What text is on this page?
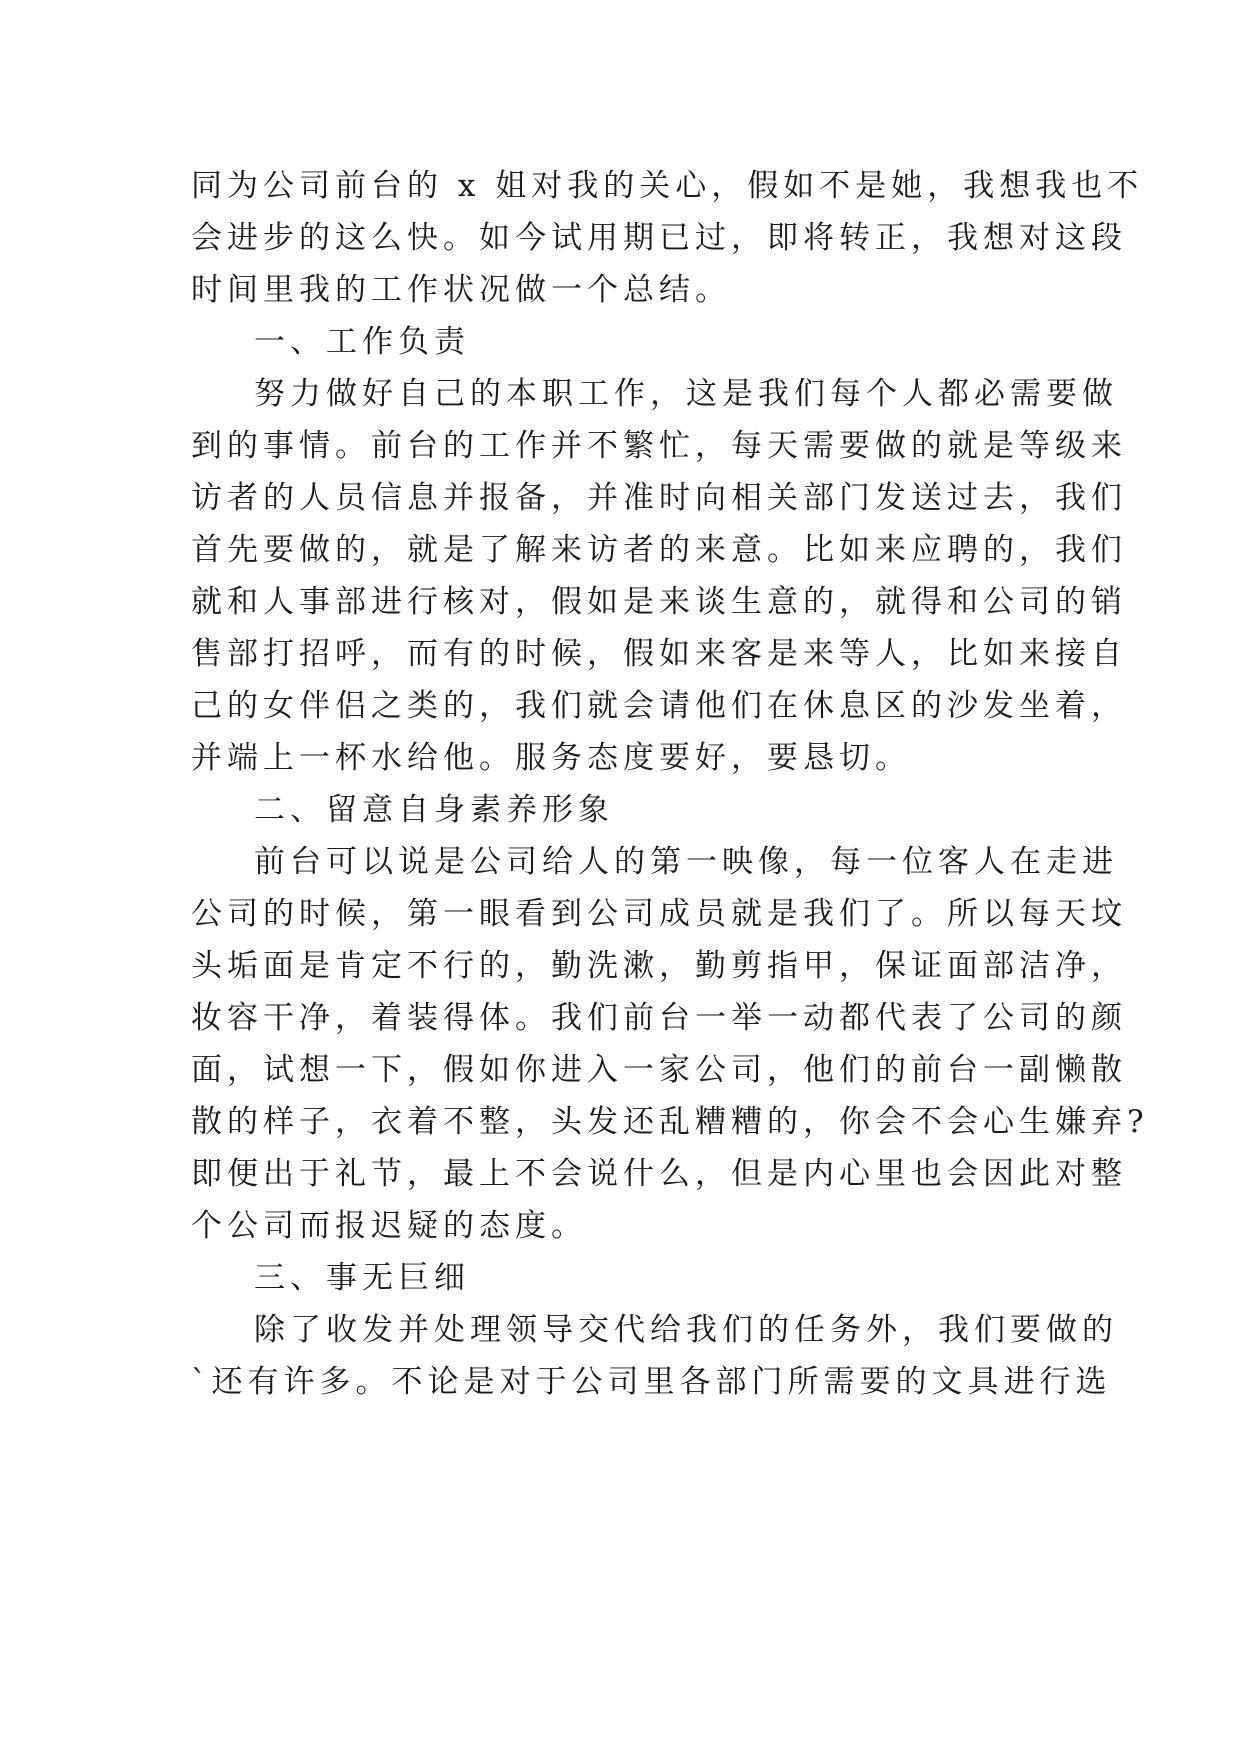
同为公司前台的 x 姐对我的关心，假如不是她，我想我也不
会进步的这么快。如今试用期已过，即将转正，我想对这段
时间里我的工作状况做一个总结。
一、工作负责
努力做好自己的本职工作，这是我们每个人都必需要做
到的事情。前台的工作并不繁忙，每天需要做的就是等级来
访者的人员信息并报备，并准时向相关部门发送过去，我们
首先要做的，就是了解来访者的来意。比如来应聘的，我们
就和人事部进行核对，假如是来谈生意的，就得和公司的销
售部打招呼，而有的时候，假如来客是来等人，比如来接自
己的女伴侣之类的，我们就会请他们在休息区的沙发坐着，
并端上一杯水给他。服务态度要好，要恳切。
二、留意自身素养形象
前台可以说是公司给人的第一映像，每一位客人在走进
公司的时候，第一眼看到公司成员就是我们了。所以每天坟
头垢面是肯定不行的，勤洗漱，勤剪指甲，保证面部洁净，
妆容干净，着装得体。我们前台一举一动都代表了公司的颜
面，试想一下，假如你进入一家公司，他们的前台一副懒散
散的样子，衣着不整，头发还乱糟糟的，你会不会心生嫌弃?
即便出于礼节，最上不会说什么，但是内心里也会因此对整
个公司而报迟疑的态度。
三、事无巨细
除了收发并处理领导交代给我们的任务外，我们要做的
`还有许多。不论是对于公司里各部门所需要的文具进行选
